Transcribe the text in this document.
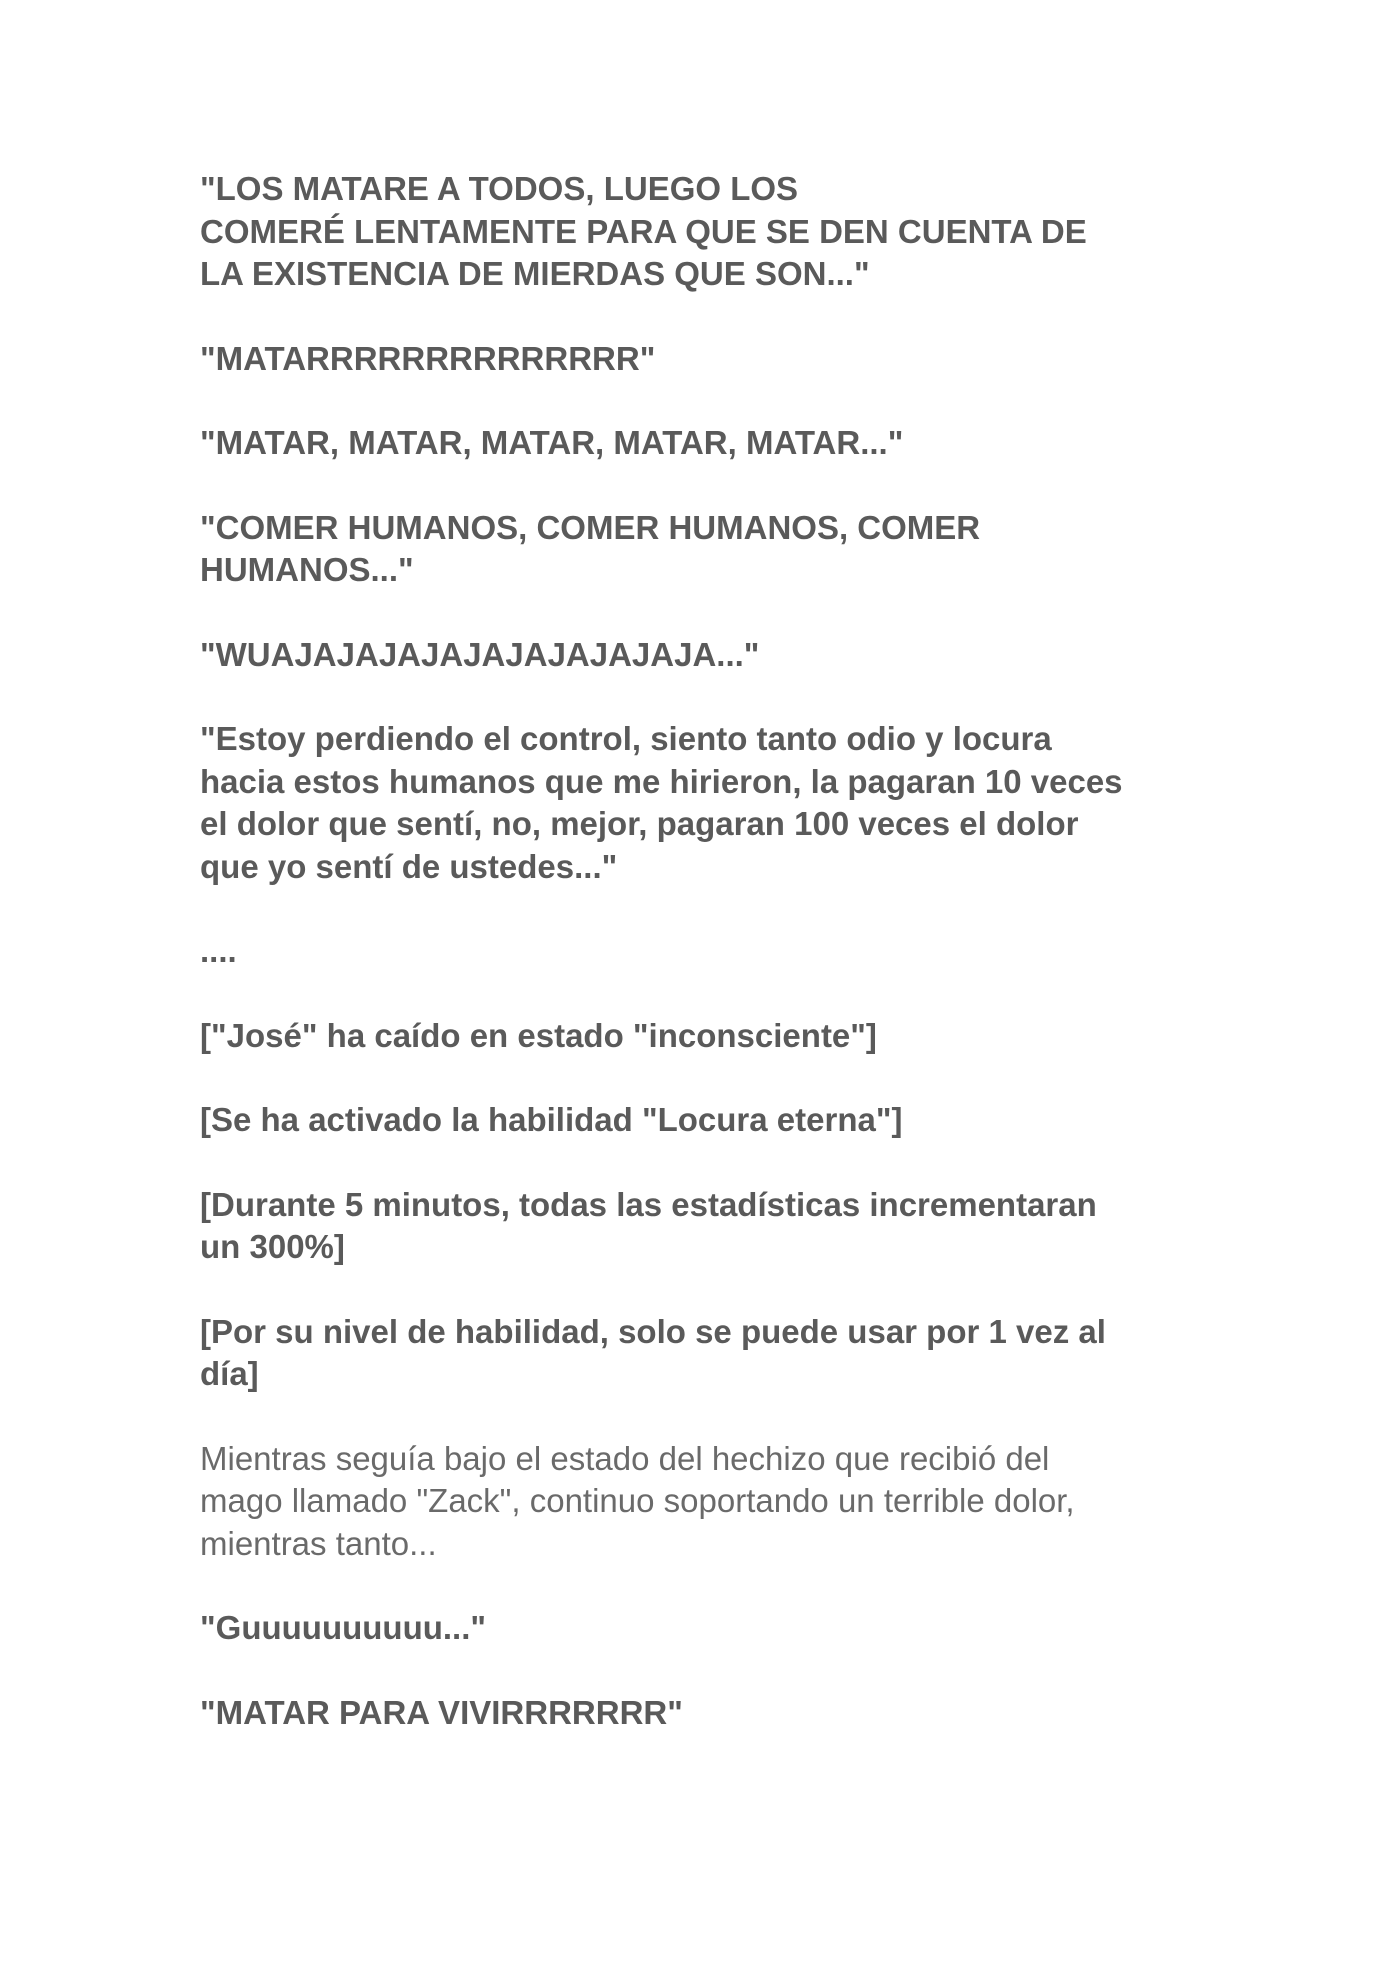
"LOS MATARE A TODOS, LUEGO LOS
COMERÉ LENTAMENTE PARA QUE SE DEN CUENTA DE
LA EXISTENCIA DE MIERDAS QUE SON..."

"MATARRRRRRRRRRRRRR"

"MATAR, MATAR, MATAR, MATAR, MATAR..."

"COMER HUMANOS, COMER HUMANOS, COMER
HUMANOS..."

"WUAJAJAJAJAJAJAJAJAJAJA..."

"Estoy perdiendo el control, siento tanto odio y locura
hacia estos humanos que me hirieron, la pagaran 10 veces
el dolor que sentí, no, mejor, pagaran 100 veces el dolor
que yo sentí de ustedes..."

....

["José" ha caído en estado "inconsciente"]

[Se ha activado la habilidad "Locura eterna"]

[Durante 5 minutos, todas las estadísticas incrementaran
un 300%]

[Por su nivel de habilidad, solo se puede usar por 1 vez al
día]

Mientras seguía bajo el estado del hechizo que recibió del
mago llamado "Zack", continuo soportando un terrible dolor,
mientras tanto...

"Guuuuuuuuuu..."

"MATAR PARA VIVIRRRRRRR"
